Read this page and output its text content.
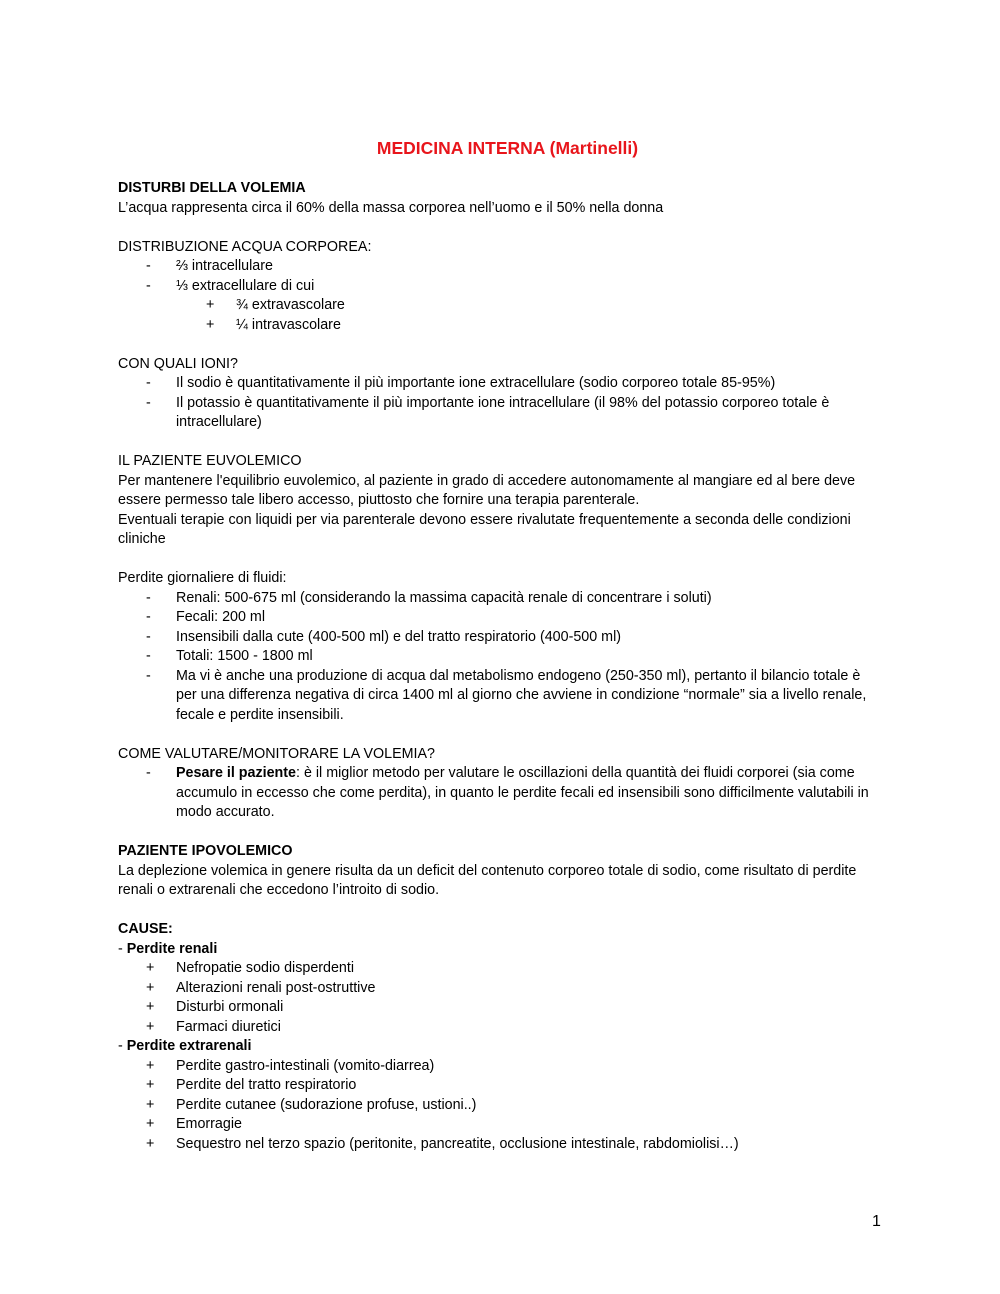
MEDICINA INTERNA (Martinelli)

DISTURBI DELLA VOLEMIA

L’acqua rappresenta circa il 60% della massa corporea nell’uomo e il 50% nella donna

DISTRIBUZIONE ACQUA CORPOREA:

- ⅔ intracellulare
- ⅓ extracellulare di cui
+ ¾ extravascolare
+ ¼ intravascolare

CON QUALI IONI?

- Il sodio è quantitativamente il più importante ione extracellulare (sodio corporeo totale 85-95%)
- Il potassio è quantitativamente il più importante ione intracellulare (il 98% del potassio corporeo totale è intracellulare)

IL PAZIENTE EUVOLEMICO

Per mantenere l'equilibrio euvolemico, al paziente in grado di accedere autonomamente al mangiare ed al bere deve essere permesso tale libero accesso, piuttosto che fornire una terapia parenterale.

Eventuali terapie con liquidi per via parenterale devono essere rivalutate frequentemente a seconda delle condizioni cliniche

Perdite giornaliere di fluidi:

- Renali: 500-675 ml (considerando la massima capacità renale di concentrare i soluti)
- Fecali: 200 ml
- Insensibili dalla cute (400-500 ml) e del tratto respiratorio (400-500 ml)
- Totali: 1500 - 1800 ml
- Ma vi è anche una produzione di acqua dal metabolismo endogeno (250-350 ml), pertanto il bilancio totale è per una differenza negativa di circa 1400 ml al giorno che avviene in condizione “normale” sia a livello renale, fecale e perdite insensibili.

COME VALUTARE/MONITORARE LA VOLEMIA?

- Pesare il paziente: è il miglior metodo per valutare le oscillazioni della quantità dei fluidi corporei (sia come accumulo in eccesso che come perdita), in quanto le perdite fecali ed insensibili sono difficilmente valutabili in modo accurato.

PAZIENTE IPOVOLEMICO

La deplezione volemica in genere risulta da un deficit del contenuto corporeo totale di sodio, come risultato di perdite renali o extrarenali che eccedono l’introito di sodio.

CAUSE:

- Perdite renali

+ Nefropatie sodio disperdenti
+ Alterazioni renali post-ostruttive
+ Disturbi ormonali
+ Farmaci diuretici

- Perdite extrarenali

+ Perdite gastro-intestinali (vomito-diarrea)
+ Perdite del tratto respiratorio
+ Perdite cutanee (sudorazione profuse, ustioni..)
+ Emorragie
+ Sequestro nel terzo spazio (peritonite, pancreatite, occlusione intestinale, rabdomiolisi…)
1
